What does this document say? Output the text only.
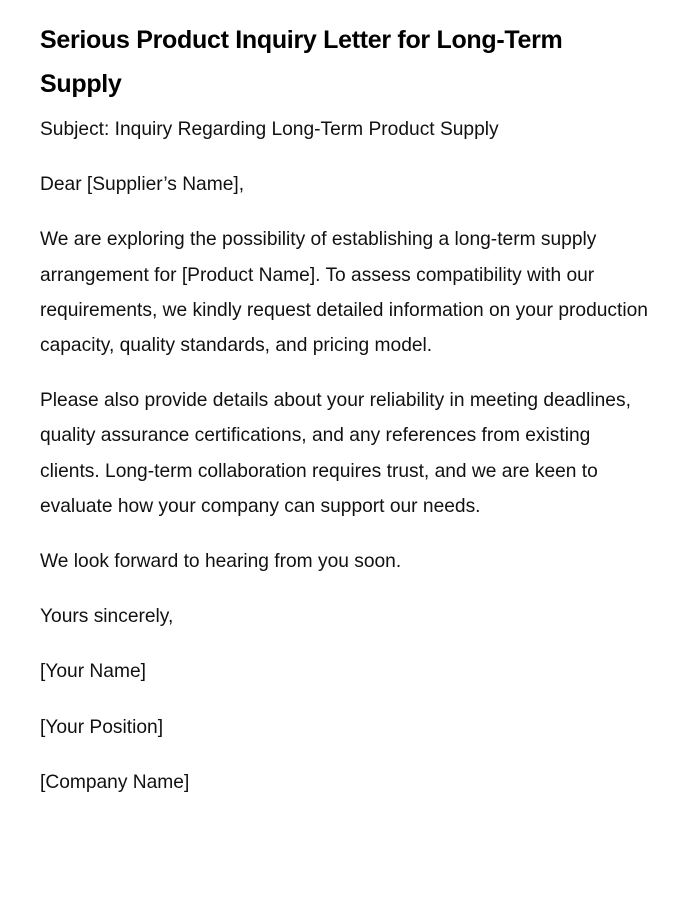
Serious Product Inquiry Letter for Long-Term Supply

Subject: Inquiry Regarding Long-Term Product Supply

Dear [Supplier’s Name],

We are exploring the possibility of establishing a long-term supply arrangement for [Product Name]. To assess compatibility with our requirements, we kindly request detailed information on your production capacity, quality standards, and pricing model.

Please also provide details about your reliability in meeting deadlines, quality assurance certifications, and any references from existing clients. Long-term collaboration requires trust, and we are keen to evaluate how your company can support our needs.

We look forward to hearing from you soon.

Yours sincerely,

[Your Name]

[Your Position]

[Company Name]
